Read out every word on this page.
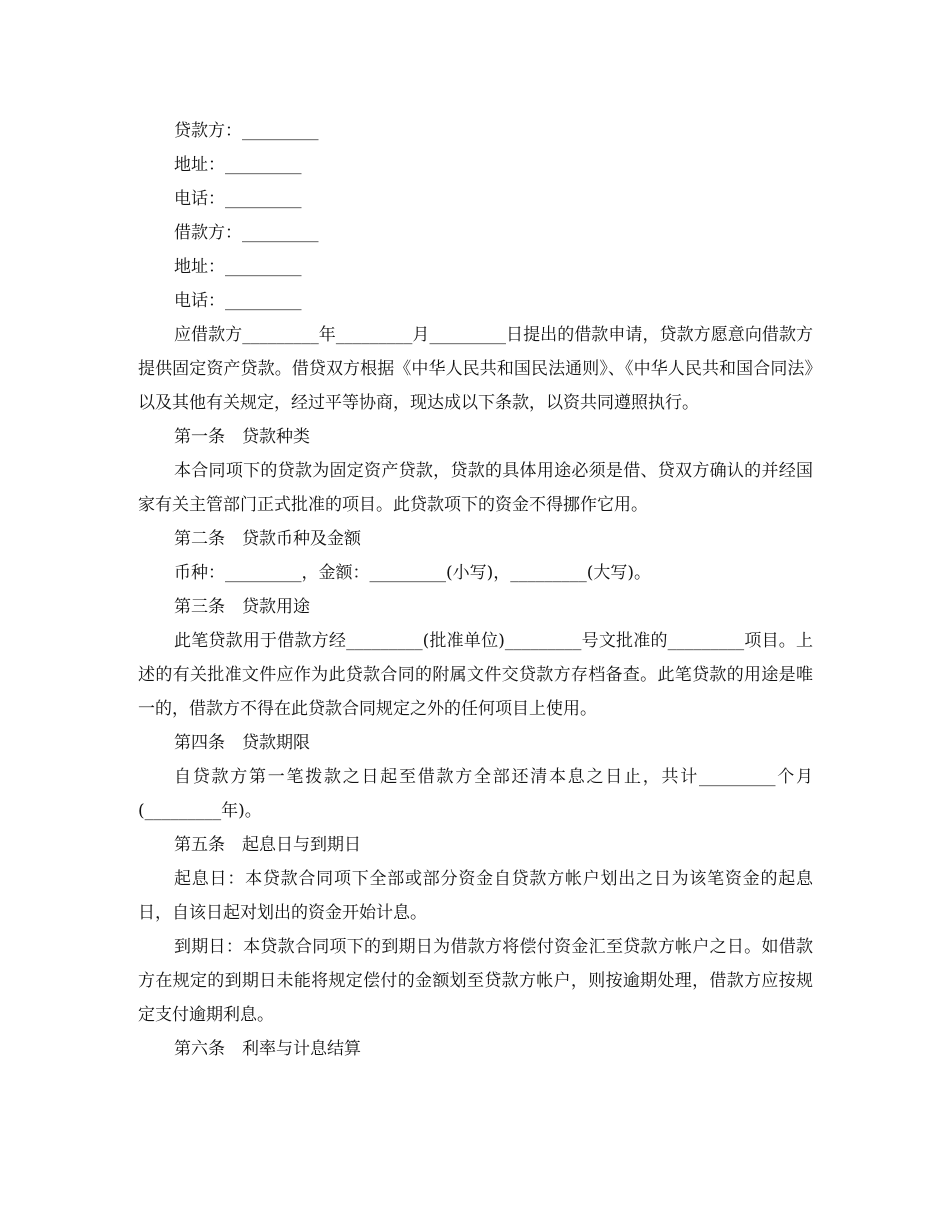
贷款方：_________

地址：_________

电话：_________

借款方：_________

地址：_________

电话：_________

应借款方_________年_________月_________日提出的借款申请，贷款方愿意向借款方提供固定资产贷款。借贷双方根据《中华人民共和国民法通则》、《中华人民共和国合同法》以及其他有关规定，经过平等协商，现达成以下条款，以资共同遵照执行。

第一条　贷款种类

本合同项下的贷款为固定资产贷款，贷款的具体用途必须是借、贷双方确认的并经国家有关主管部门正式批准的项目。此贷款项下的资金不得挪作它用。

第二条　贷款币种及金额

币种：_________，金额：_________(小写)，_________(大写)。

第三条　贷款用途

此笔贷款用于借款方经_________(批准单位)_________号文批准的_________项目。上述的有关批准文件应作为此贷款合同的附属文件交贷款方存档备查。此笔贷款的用途是唯一的，借款方不得在此贷款合同规定之外的任何项目上使用。

第四条　贷款期限

自贷款方第一笔拨款之日起至借款方全部还清本息之日止，共计_________个月(_________年)。

第五条　起息日与到期日

起息日：本贷款合同项下全部或部分资金自贷款方帐户划出之日为该笔资金的起息日，自该日起对划出的资金开始计息。

到期日：本贷款合同项下的到期日为借款方将偿付资金汇至贷款方帐户之日。如借款方在规定的到期日未能将规定偿付的金额划至贷款方帐户，则按逾期处理，借款方应按规定支付逾期利息。

第六条　利率与计息结算
